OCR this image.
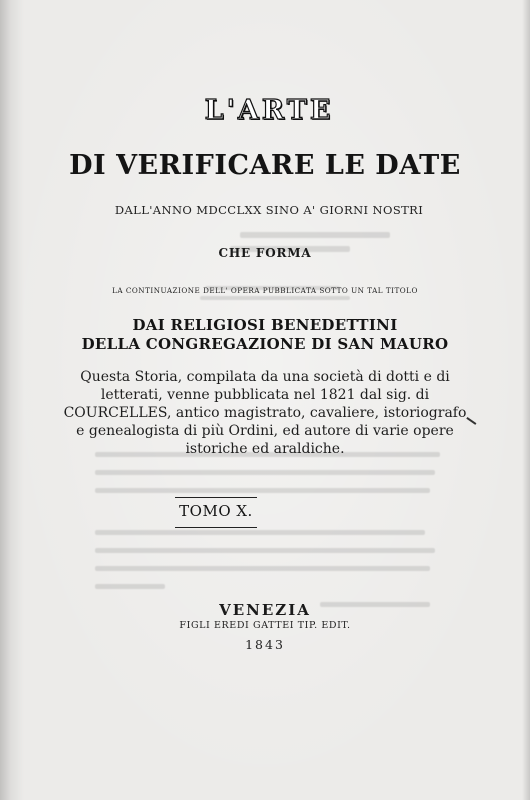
L'ARTE
DI VERIFICARE LE DATE
DALL'ANNO MDCCLXX SINO A' GIORNI NOSTRI
CHE FORMA
LA CONTINUAZIONE DELL' OPERA PUBBLICATA SOTTO UN TAL TITOLO
DAI RELIGIOSI BENEDETTINI
DELLA CONGREGAZIONE DI SAN MAURO
Questa Storia, compilata da una società di dotti e di letterati, venne pubblicata nel 1821 dal sig. di COURCELLES, antico magistrato, cavaliere, istoriografo e genealogista di più Ordini, ed autore di varie opere istoriche ed araldiche.
TOMO X.
VENEZIA
FIGLI EREDI GATTEI TIP. EDIT.
1843
